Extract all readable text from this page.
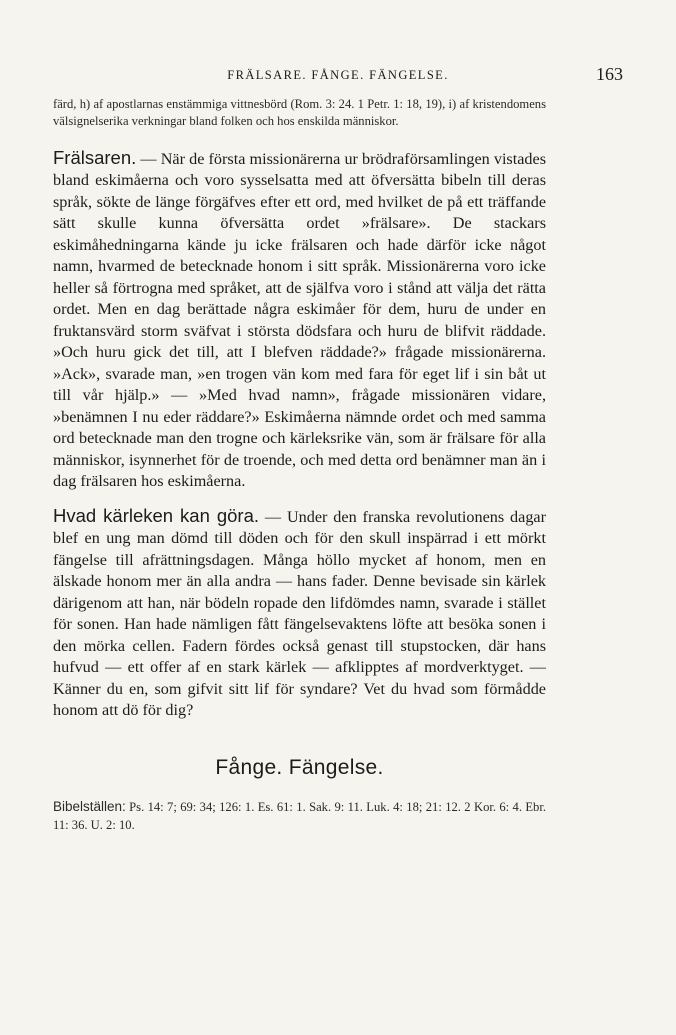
FRÄLSARE. FÅNGE. FÄNGELSE.	163

färd, h) af apostlarnas enstämmiga vittnesbörd (Rom. 3: 24. 1 Petr. 1: 18, 19), i) af kristendomens välsignelserika verkningar bland folken och hos enskilda människor.

Frälsaren. — När de första missionärerna ur brödraförsamlingen vistades bland eskimåerna och voro sysselsatta med att öfversätta bibeln till deras språk, sökte de länge förgäfves efter ett ord, med hvilket de på ett träffande sätt skulle kunna öfversätta ordet »frälsare». De stackars eskimåhedningarna kände ju icke frälsaren och hade därför icke något namn, hvarmed de betecknade honom i sitt språk. Missionärerna voro icke heller så förtrogna med språket, att de själfva voro i stånd att välja det rätta ordet. Men en dag berättade några eskimåer för dem, huru de under en fruktansvärd storm sväfvat i största dödsfara och huru de blifvit räddade. »Och huru gick det till, att I blefven räddade?» frågade missionärerna. »Ack», svarade man, »en trogen vän kom med fara för eget lif i sin båt ut till vår hjälp.» — »Med hvad namn», frågade missionären vidare, »benämnen I nu eder räddare?» Eskimåerna nämnde ordet och med samma ord betecknade man den trogne och kärleksrike vän, som är frälsare för alla människor, isynnerhet för de troende, och med detta ord benämner man än i dag frälsaren hos eskimåerna.

Hvad kärleken kan göra. — Under den franska revolutionens dagar blef en ung man dömd till döden och för den skull inspärrad i ett mörkt fängelse till afrättningsdagen. Många höllo mycket af honom, men en älskade honom mer än alla andra — hans fader. Denne bevisade sin kärlek därigenom att han, när bödeln ropade den lifdömdes namn, svarade i stället för sonen. Han hade nämligen fått fängelsevaktens löfte att besöka sonen i den mörka cellen. Fadern fördes också genast till stupstocken, där hans hufvud — ett offer af en stark kärlek — afklipptes af mordverktyget. — Känner du en, som gifvit sitt lif för syndare? Vet du hvad som förmådde honom att dö för dig?

Fånge. Fängelse.

Bibelställen: Ps. 14: 7; 69: 34; 126: 1. Es. 61: 1. Sak. 9: 11. Luk. 4: 18; 21: 12. 2 Kor. 6: 4. Ebr. 11: 36. U. 2: 10.
